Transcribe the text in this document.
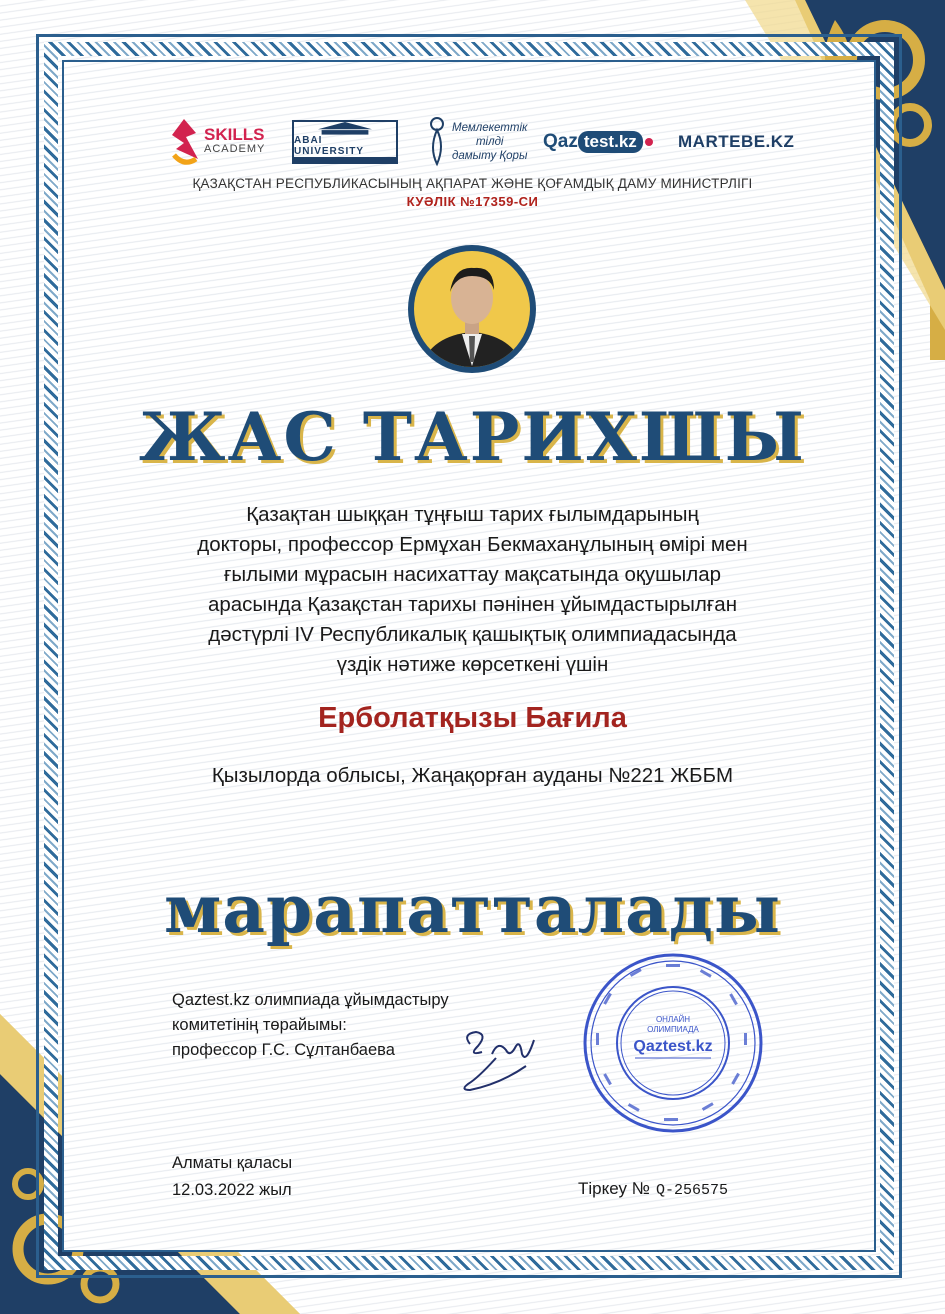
SKILLS
ACADEMY
ABAI UNIVERSITY
Мемлекеттік
тілді
дамыту Қоры
Qaz test.kz	MARTEBE.KZ
ҚАЗАҚСТАН РЕСПУБЛИКАСЫНЫҢ АҚПАРАТ ЖӘНЕ ҚОҒАМДЫҚ ДАМУ МИНИСТРЛІГІ
КУӘЛІК №17359-СИ
ЖАС ТАРИХШЫ
Қазақтан шыққан тұңғыш тарих ғылымдарының
докторы, профессор Ермұхан Бекмаханұлының өмірі мен
ғылыми мұрасын насихаттау мақсатында оқушылар
арасында Қазақстан тарихы пәнінен ұйымдастырылған
дәстүрлі IV Республикалық қашықтық олимпиадасында
үздік нәтиже көрсеткені үшін
Ерболатқызы Бағила
Қызылорда облысы, Жаңақорған ауданы №221 ЖББМ
марапатталады
Qaztest.kz олимпиада ұйымдастыру
комитетінің төрайымы:
профессор Г.С. Сұлтанбаева
ОНЛАЙН
ОЛИМПИАДА
Qaztest.kz
Алматы қаласы
12.03.2022 жыл	Тіркеу № Q-256575
